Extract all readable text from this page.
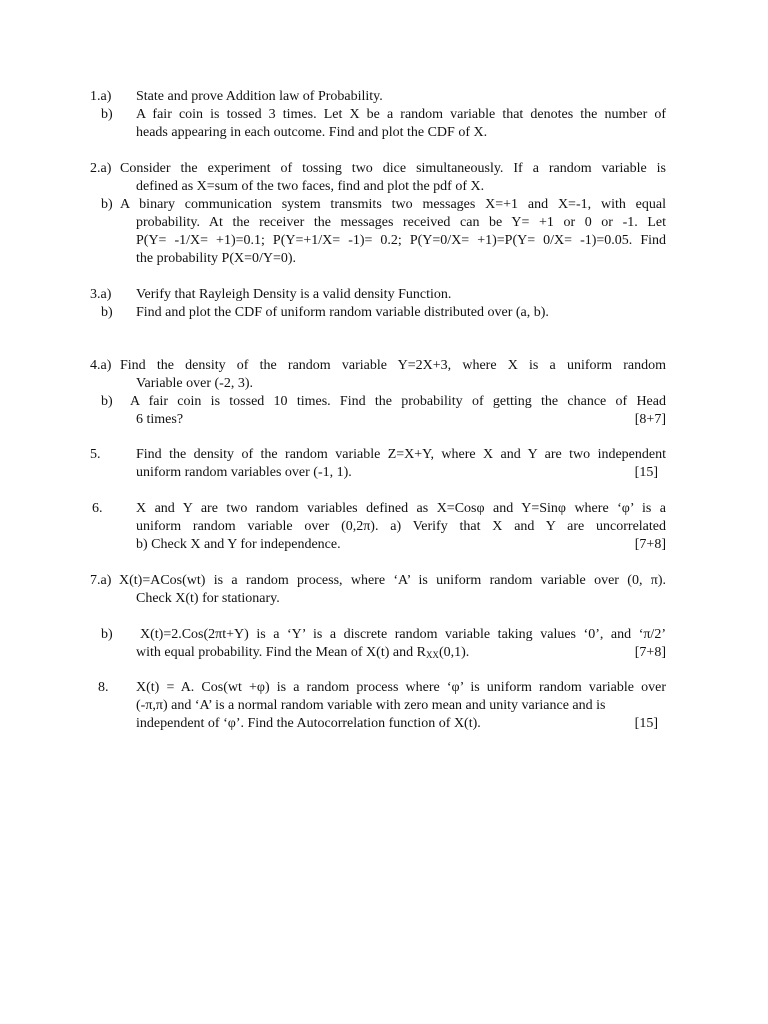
1.a) State and prove Addition law of Probability.
b) A fair coin is tossed 3 times. Let X be a random variable that denotes the number of
heads appearing in each outcome. Find and plot the CDF of X.
2.a) Consider the experiment of tossing two dice simultaneously. If a random variable is
defined as X=sum of the two faces, find and plot the pdf of X.
b) A binary communication system transmits two messages X=+1 and X=-1, with equal
probability. At the receiver the messages received can be Y= +1 or 0 or -1. Let
P(Y= -1/X= +1)=0.1; P(Y=+1/X= -1)= 0.2; P(Y=0/X= +1)=P(Y= 0/X= -1)=0.05. Find
the probability P(X=0/Y=0).
3.a) Verify that Rayleigh Density is a valid density Function.
b) Find and plot the CDF of uniform random variable distributed over (a, b).
4.a) Find the density of the random variable Y=2X+3, where X is a uniform random
Variable over (-2, 3).
b) A fair coin is tossed 10 times. Find the probability of getting the chance of Head
6 times?	[8+7]
5.	Find the density of the random variable Z=X+Y, where X and Y are two independent
uniform random variables over (-1, 1).	[15]
6. X and Y are two random variables defined as X=Cosφ and Y=Sinφ where ‘φ’ is a
uniform random variable over (0,2π). a) Verify that X and Y are uncorrelated
b) Check X and Y for independence.	[7+8]
7.a) X(t)=ACos(wt) is a random process, where ‘A’ is uniform random variable over (0, π).
Check X(t) for stationary.
b) X(t)=2.Cos(2πt+Y) is a ‘Y’ is a discrete random variable taking values ‘0’, and ‘π/2’
with equal probability. Find the Mean of X(t) and RXX(0,1).	[7+8]
8. X(t) = A. Cos(wt +φ) is a random process where ‘φ’ is uniform random variable over
(-π,π) and ‘A’ is a normal random variable with zero mean and unity variance and is
independent of ‘φ’. Find the Autocorrelation function of X(t).	[15]
